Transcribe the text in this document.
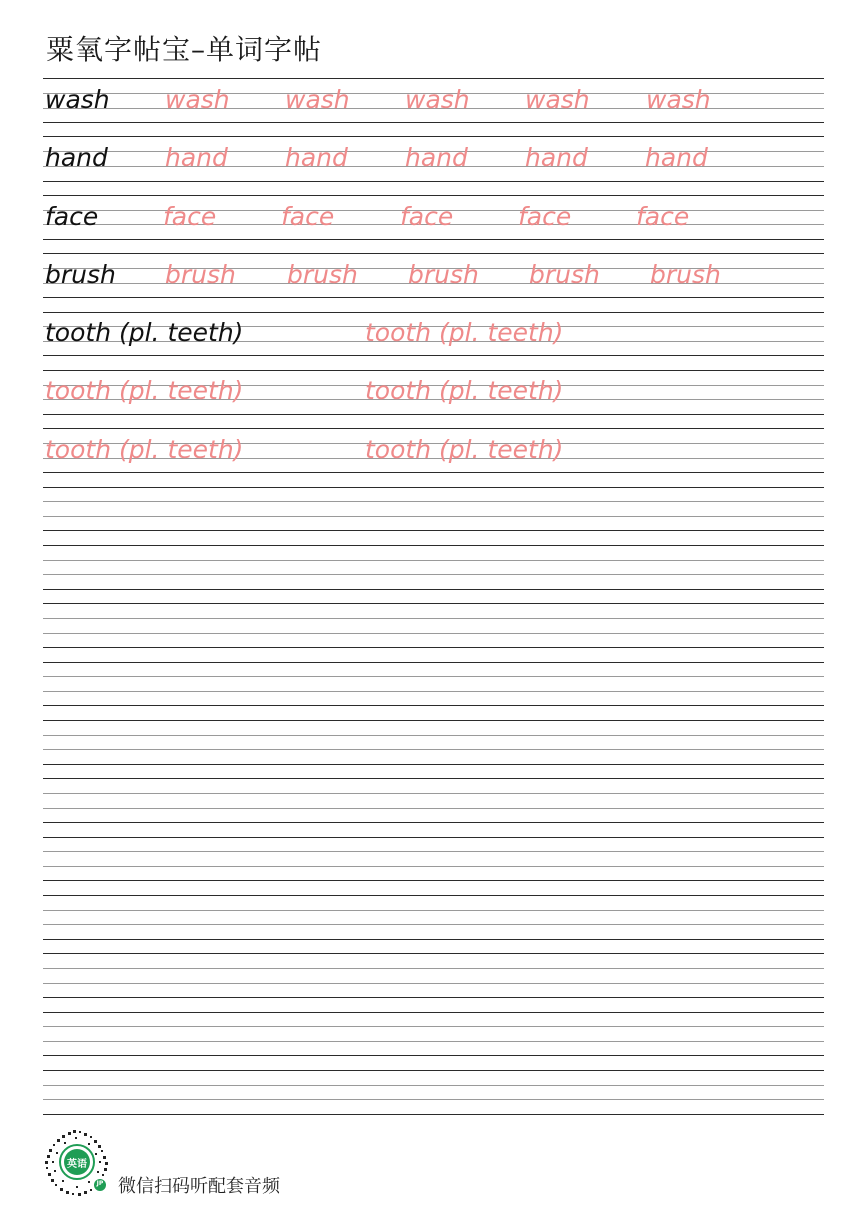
粟氧字帖宝–单词字帖
wash wash wash wash wash wash
hand hand hand hand hand hand
face	face	face	face	face	face
brush brush brush brush brush brush
tooth (pl. teeth)	tooth (pl. teeth)
tooth (pl. teeth)	tooth (pl. teeth)
tooth (pl. teeth)	tooth (pl. teeth)
英语
JP 微信扫码听配套音频
